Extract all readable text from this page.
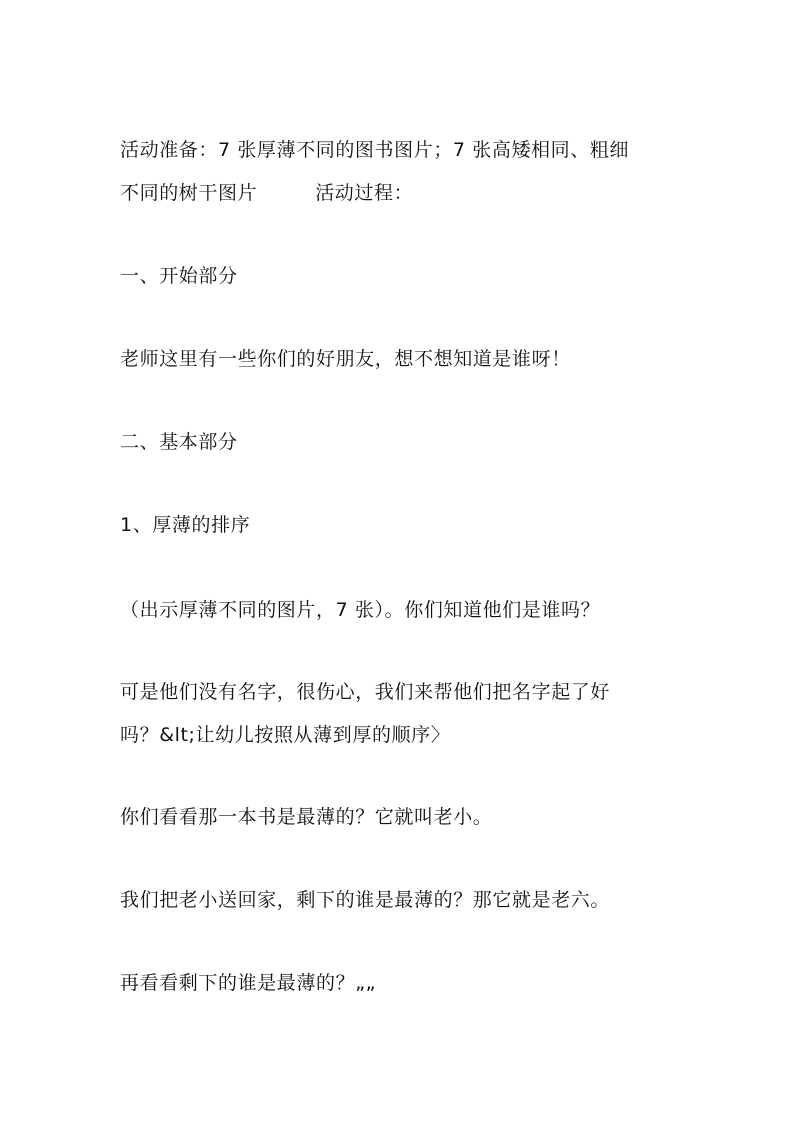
活动准备：7 张厚薄不同的图书图片；7 张高矮相同、粗细
不同的树干图片	活动过程：
一、开始部分
老师这里有一些你们的好朋友，想不想知道是谁呀！
二、基本部分
1、厚薄的排序
（出示厚薄不同的图片，7 张）。你们知道他们是谁吗？
可是他们没有名字，很伤心，我们来帮他们把名字起了好
吗？&lt;让幼儿按照从薄到厚的顺序〉
你们看看那一本书是最薄的？它就叫老小。
我们把老小送回家，剩下的谁是最薄的？那它就是老六。
再看看剩下的谁是最薄的？„„
